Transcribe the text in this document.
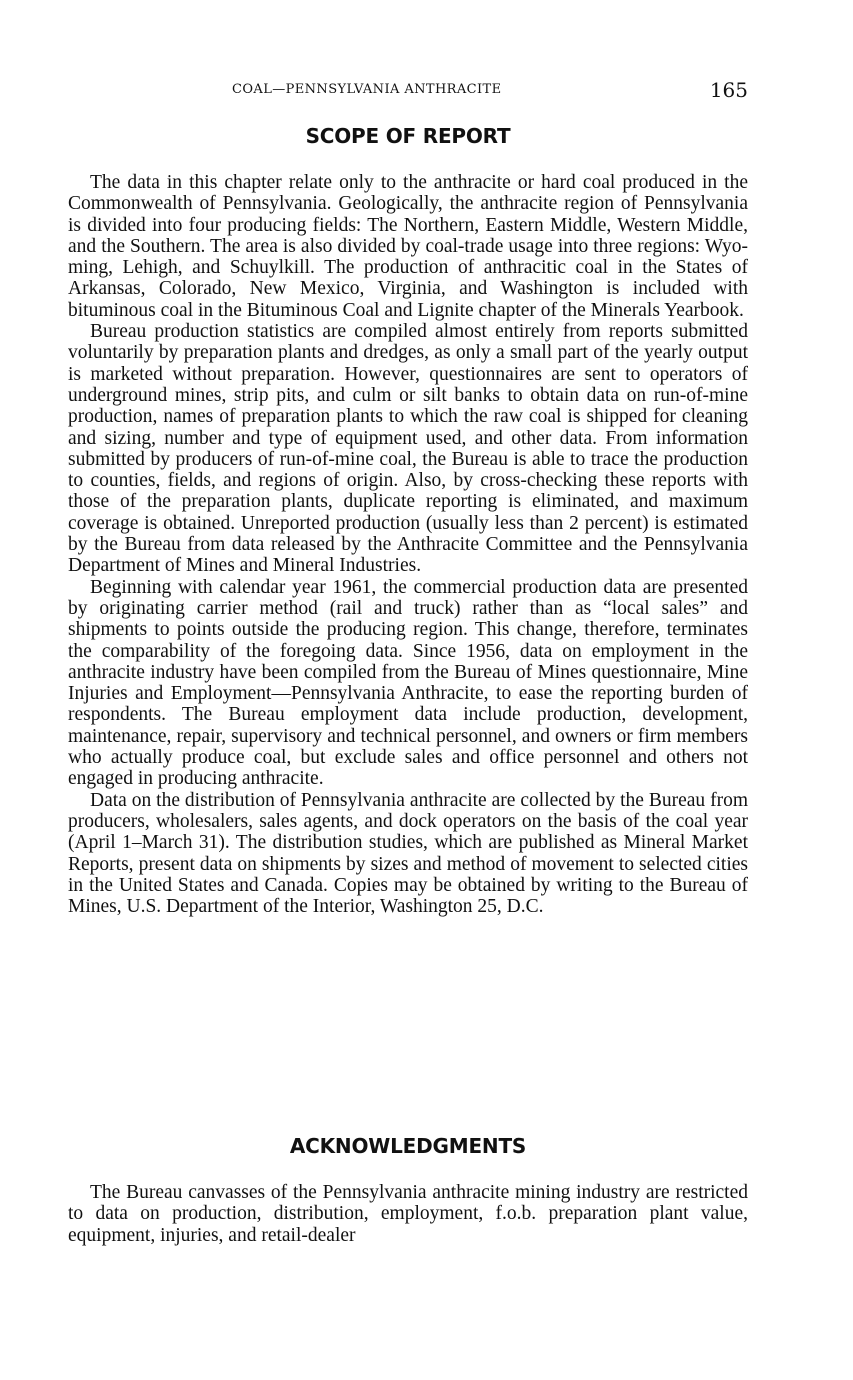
COAL—PENNSYLVANIA ANTHRACITE	165
SCOPE OF REPORT

The data in this chapter relate only to the anthracite or hard coal produced in the Commonwealth of Pennsylvania. Geologically, the anthracite region of Pennsylvania is divided into four producing fields: The Northern, Eastern Middle, Western Middle, and the Southern. The area is also divided by coal-trade usage into three regions: Wyoming, Lehigh, and Schuylkill. The production of anthracitic coal in the States of Arkansas, Colorado, New Mexico, Virginia, and Washington is included with bituminous coal in the Bituminous Coal and Lignite chapter of the Minerals Yearbook.

Bureau production statistics are compiled almost entirely from reports submitted voluntarily by preparation plants and dredges, as only a small part of the yearly output is marketed without preparation. However, questionnaires are sent to operators of underground mines, strip pits, and culm or silt banks to obtain data on run-of-mine production, names of preparation plants to which the raw coal is shipped for cleaning and sizing, number and type of equipment used, and other data. From information submitted by producers of run-of-mine coal, the Bureau is able to trace the production to counties, fields, and regions of origin. Also, by cross-checking these reports with those of the preparation plants, duplicate reporting is eliminated, and maximum coverage is obtained. Unreported production (usually less than 2 percent) is estimated by the Bureau from data released by the Anthracite Committee and the Pennsylvania Department of Mines and Mineral Industries.

Beginning with calendar year 1961, the commercial production data are presented by originating carrier method (rail and truck) rather than as “local sales” and shipments to points outside the producing region. This change, therefore, terminates the comparability of the foregoing data. Since 1956, data on employment in the anthracite industry have been compiled from the Bureau of Mines questionnaire, Mine Injuries and Employment—Pennsylvania Anthracite, to ease the reporting burden of respondents. The Bureau employment data include production, development, maintenance, repair, supervisory and technical personnel, and owners or firm members who actually produce coal, but exclude sales and office personnel and others not engaged in producing anthracite.

Data on the distribution of Pennsylvania anthracite are collected by the Bureau from producers, wholesalers, sales agents, and dock operators on the basis of the coal year (April 1–March 31). The distribution studies, which are published as Mineral Market Reports, present data on shipments by sizes and method of movement to selected cities in the United States and Canada. Copies may be obtained by writing to the Bureau of Mines, U.S. Department of the Interior, Washington 25, D.C.

ACKNOWLEDGMENTS

The Bureau canvasses of the Pennsylvania anthracite mining industry are restricted to data on production, distribution, employment, f.o.b. preparation plant value, equipment, injuries, and retail-dealer
